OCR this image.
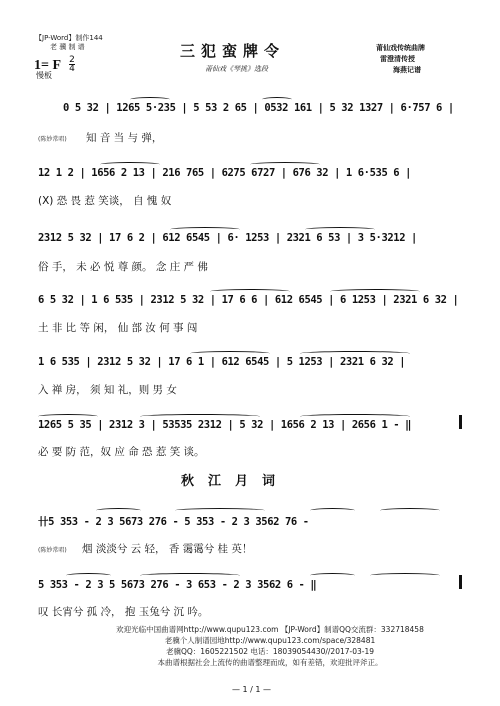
【JP-Word】制作144
老 骥 制 谱	三犯蛮牌令
莆仙戏《琴挑》选段
莆仙戏传统曲牌
雷澄清传授
海燕记谱
1= F $\frac{2}{4}$
慢板
0 5 32 | 1265 5·235 | 5 53 2 65 | 0532 161 | 5 32 1327 | 6·757 6 |
(陈妙常唱) 知 音 当 与 弹，
12 1 2 | 1656 2 13 | 216 765 | 6275 6727 | 676 32 | 1 6·535 6 |
(X) 恐 畏 惹 笑谈， 自 愧 奴
2312 5 32 | 17 6 2 | 612 6545 | 6· 1253 | 2321 6 53 | 3 5·3212 |
俗 手， 未 必 悦 尊 颜。 念 庄 严 佛
6 5 32 | 1 6 535 | 2312 5 32 | 17 6 6 | 612 6545 | 6 1253 | 2321 6 32 |
土 非 比 等 闲， 仙 部 汝 何 事 闯
1 6 535 | 2312 5 32 | 17 6 1 | 612 6545 | 5 1253 | 2321 6 32 |
入 禅 房， 须 知 礼，则 男 女
1265 5 35 | 2312 3 | 53535 2312 | 5 32 | 1656 2 13 | 2656 1 - ‖
必 要 防 范，奴 应 命 恐 惹 笑 谈。
秋江月词
卄5 353 - 2 3 5673 276 - 5 353 - 2 3 3562 76 -
(陈妙常唱) 烟 淡淡兮 云 轻， 香 霭霭兮 桂 英！
5 353 - 2 3 5 5673 276 - 3 653 - 2 3 3562 6 - ‖
叹 长宵兮 孤 冷， 抱 玉兔兮 沉 吟。
欢迎光临中国曲谱网http://www.qupu123.com 【JP-Word】制谱QQ交流群：332718458
老骥个人制谱园地http://www.qupu123.com/space/328481
老骥QQ：1605221502 电话：18039054430//2017-03-19
本曲谱根据社会上流传的曲谱整理而成，如有差错，欢迎批评斧正。
— 1 / 1 —
